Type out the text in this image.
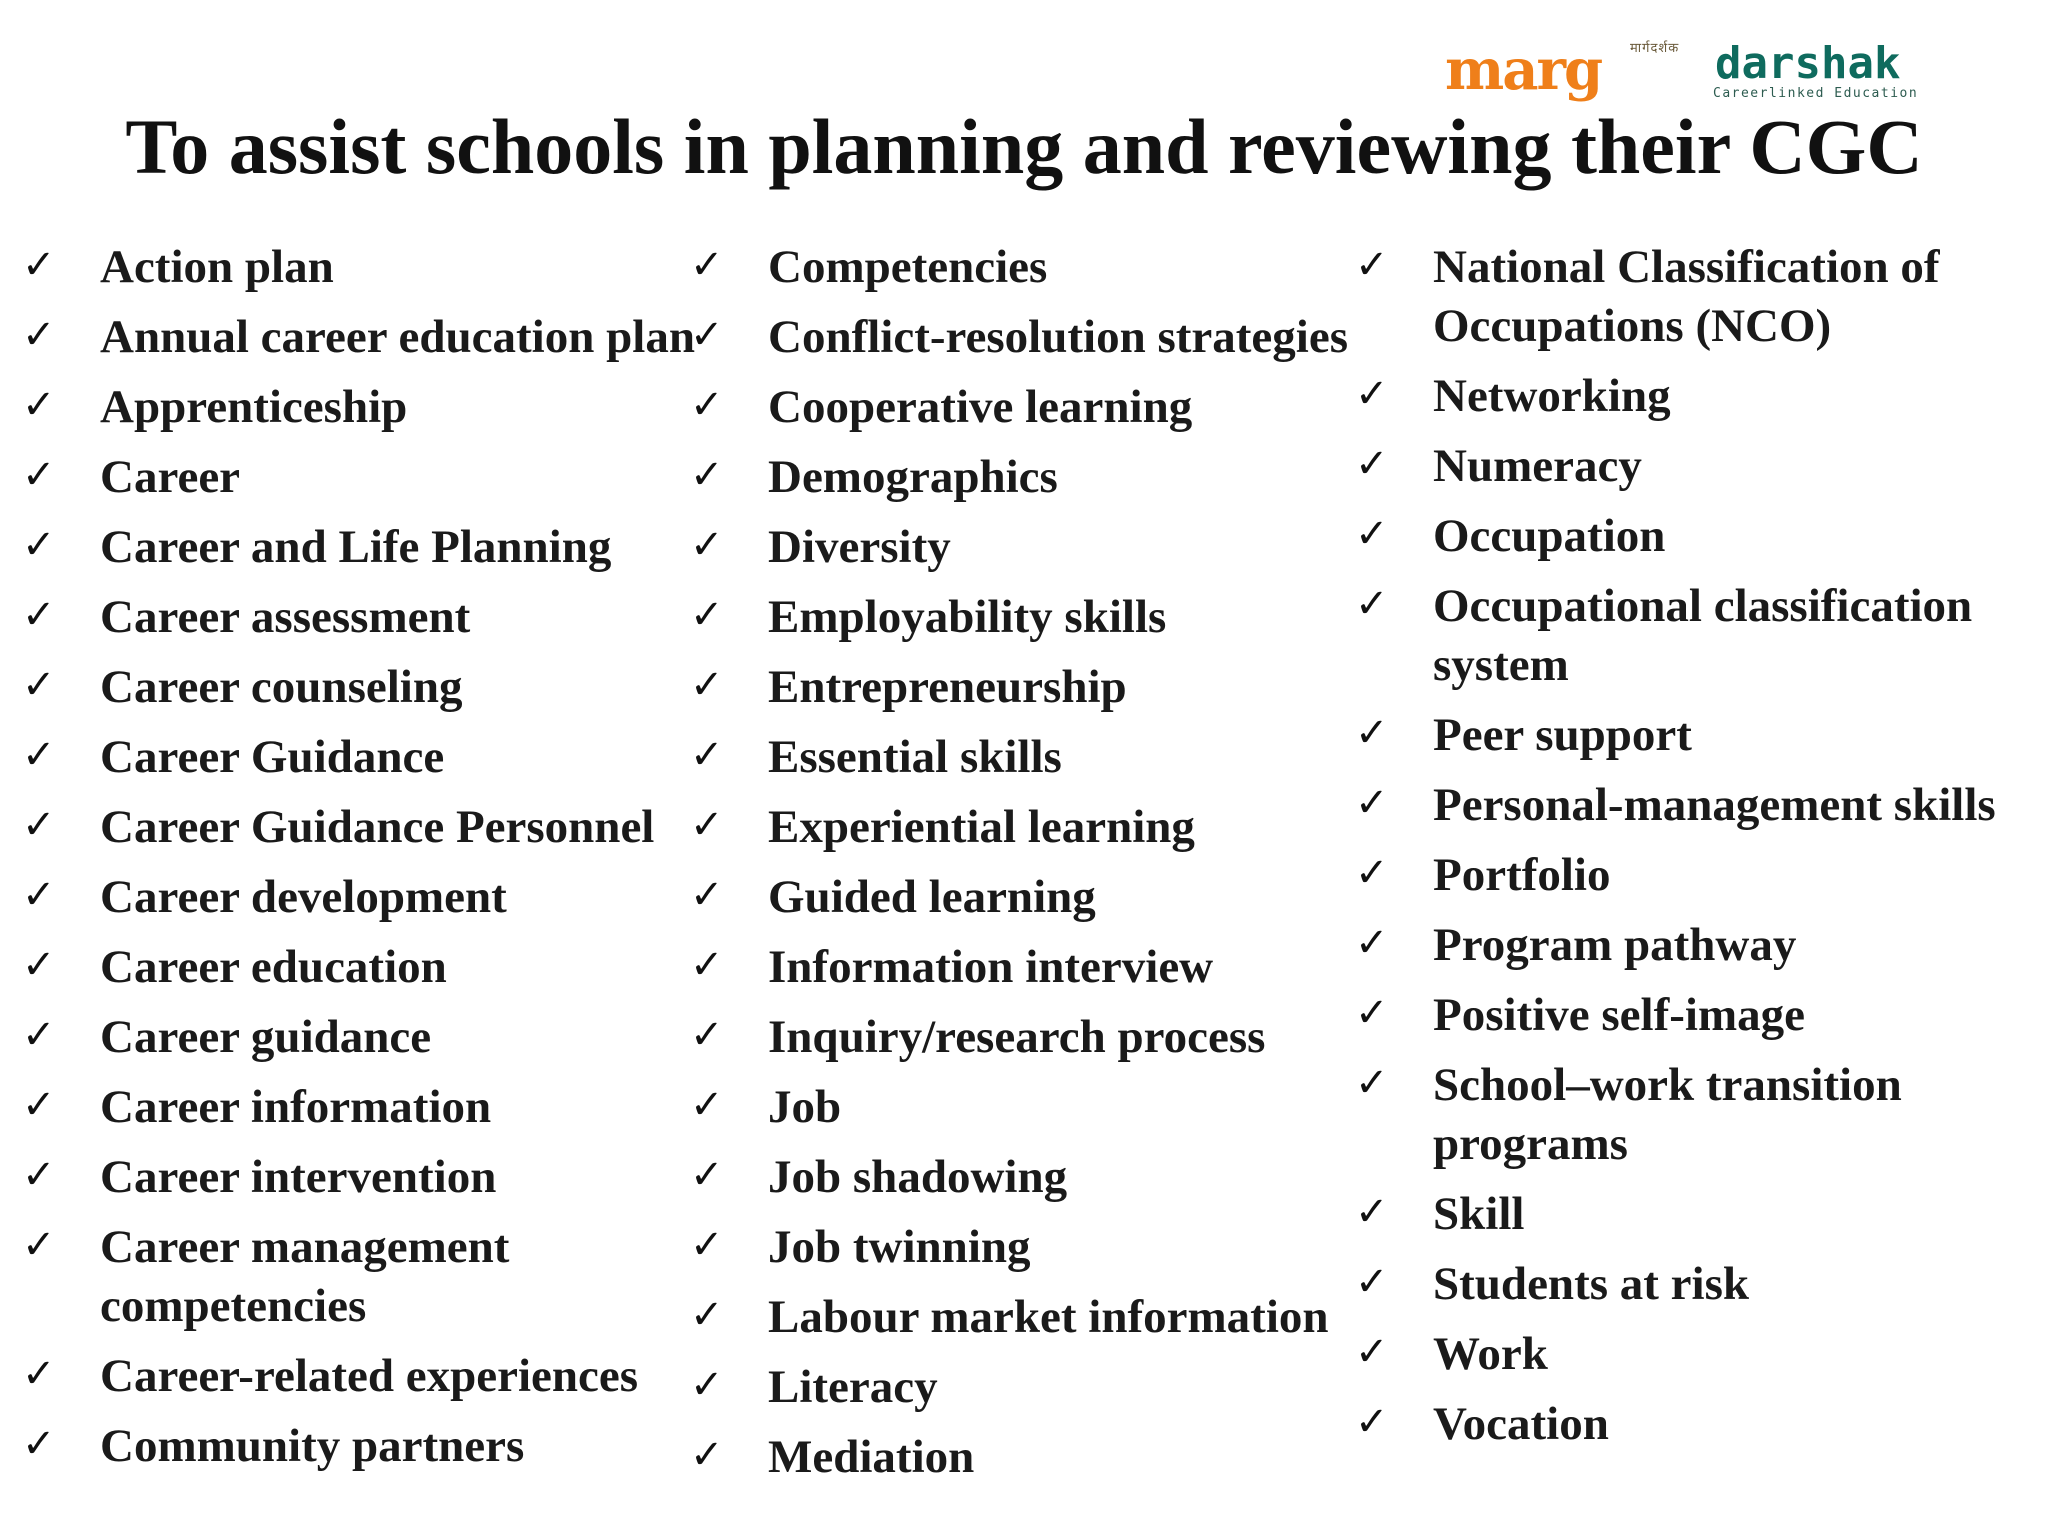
मार्गदर्शक
marg	darshak
Careerlinked Education
To assist schools in planning and reviewing their CGC
✓ Action plan
✓ Annual career education plan
✓ Apprenticeship
✓ Career
✓ Career and Life Planning
✓ Career assessment
✓ Career counseling
✓ Career Guidance
✓ Career Guidance Personnel
✓ Career development
✓ Career education
✓ Career guidance
✓ Career information
✓ Career intervention
✓ Career management competencies
✓ Career-related experiences
✓ Community partners
✓ Competencies
✓ Conflict-resolution strategies
✓ Cooperative learning
✓ Demographics
✓ Diversity
✓ Employability skills
✓ Entrepreneurship
✓ Essential skills
✓ Experiential learning
✓ Guided learning
✓ Information interview
✓ Inquiry/research process
✓ Job
✓ Job shadowing
✓ Job twinning
✓ Labour market information
✓ Literacy
✓ Mediation
✓ National Classification of Occupations (NCO)
✓ Networking
✓ Numeracy
✓ Occupation
✓ Occupational classification system
✓ Peer support
✓ Personal-management skills
✓ Portfolio
✓ Program pathway
✓ Positive self-image
✓ School–work transition programs
✓ Skill
✓ Students at risk
✓ Work
✓ Vocation
